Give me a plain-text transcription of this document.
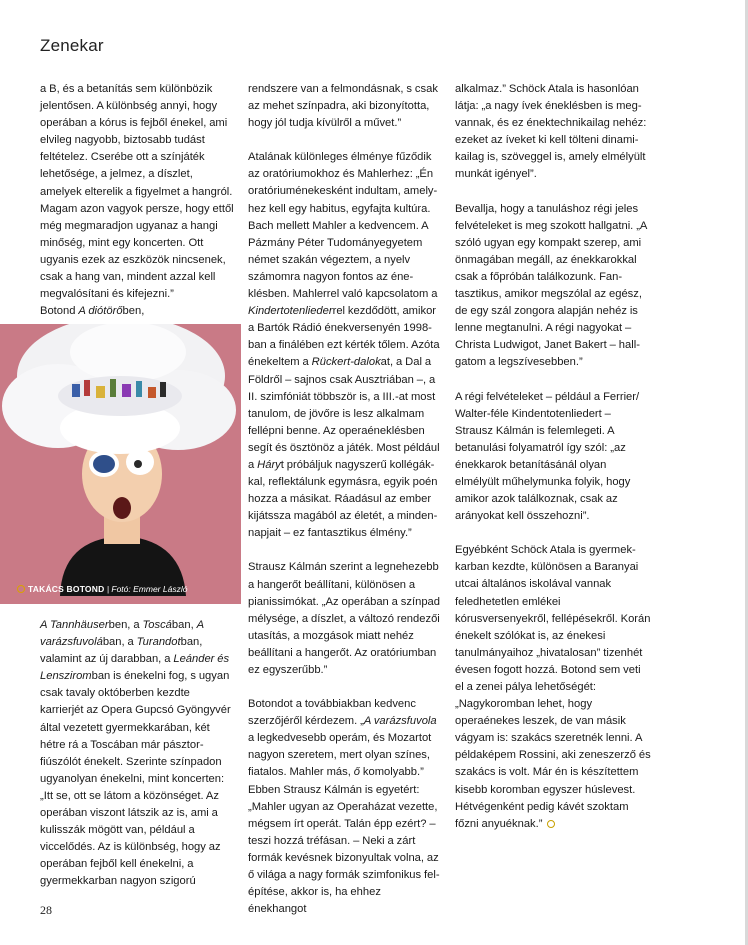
Zenekar

a B, és a betanítás sem különbözik jelentősen. A különbség annyi, hogy operában a kórus is fejből énekel, ami elvileg nagyobb, biztosabb tudást feltételez. Cserébe ott a színjáték lehetősége, a jelmez, a díszlet, amelyek elterelik a figyelmet a hangról. Magam azon vagyok persze, hogy ettől még megmaradjon ugyanaz a hangi minőség, mint egy koncerten. Ott ugyanis ezek az eszközök nincsenek, csak a hang van, mindent azzal kell megvalósítani és kifejezni.”

Botond A diótörőben,

TAKÁCS BOTOND | Fotó: Emmer László

A Tannhäuserben, a Toscában, A varázsfuvolában, a Turandotban, valamint az új darabban, a Leánder és Lensziromban is énekelni fog, s ugyan csak tavaly októberben kezdte karrierjét az Opera Gupcsó Gyöngyvér által vezetett gyermekkarában, két hétre rá a Toscában már pásztorfiúszólót énekelt. Szerinte színpadon ugyanolyan énekelni, mint koncerten: „Itt se, ott se látom a közönséget. Az operában viszont látszik az is, ami a kulisszák mögött van, például a viccelődés. Az is különbség, hogy az operában fejből kell énekelni, a gyermekkarban nagyon szigorú

rendszere van a felmondásnak, s csak az mehet színpadra, aki bizonyította, hogy jól tudja kívülről a művet.”

Atalának különleges élménye fűződik az oratóriumokhoz és Mahlerhez: „Én oratóriuménekesként indultam, amelyhez kell egy habitus, egyfajta kultúra. Bach mellett Mahler a kedvencem. A Pázmány Péter Tudományegyetem német szakán végeztem, a nyelv számomra nagyon fontos az éneklésben. Mahlerrel való kapcsolatom a Kindertotenliederrel kezdődött, amikor a Bartók Rádió énekversenyén 1998-ban a finálében ezt kérték tőlem. Azóta énekeltem a Rückert-dalokat, a Dal a Földről – sajnos csak Ausztriában –, a II. szimfóniát többször is, a III.-at most tanulom, de jövőre is lesz alkalmam fellépni benne. Az operaéneklésben segít és ösztönöz a játék. Most például a Háryt próbáljuk nagyszerű kollégákkal, reflektálunk egymásra, egyik poén hozza a másikat. Ráadásul az ember kijátssza magából az életét, a mindennapjait – ez fantasztikus élmény.”

Strausz Kálmán szerint a legnehezebb a hangerőt beállítani, különösen a pianissimókat. „Az operában a színpad mélysége, a díszlet, a változó rendezői utasítás, a mozgások miatt nehéz beállítani a hangerőt. Az oratóriumban ez egyszerűbb.”

Botondot a továbbiakban kedvenc szerzőjéről kérdezem. „A varázsfuvola a legkedvesebb operám, és Mozartot nagyon szeretem, mert olyan színes, fiatalos. Mahler más, ő komolyabb.” Ebben Strausz Kálmán is egyetért: „Mahler ugyan az Operaházat vezette, mégsem írt operát. Talán épp ezért? – teszi hozzá tréfásan. – Neki a zárt formák kevésnek bizonyultak volna, az ő világa a nagy formák szimfonikus felépítése, akkor is, ha ehhez énekhangot

alkalmaz.” Schöck Atala is hasonlóan látja: „a nagy ívek éneklésben is megvannak, és ez énektechnikailag nehéz: ezeket az íveket ki kell tölteni dinamikailag is, szöveggel is, amely elmélyült munkát igényel”.

Bevallja, hogy a tanuláshoz régi jeles felvételeket is meg szokott hallgatni. „A szóló ugyan egy kompakt szerep, ami önmagában megáll, az énekkarokkal csak a főpróbán találkozunk. Fantasztikus, amikor megszólal az egész, de egy szál zongora alapján nehéz is lenne megtanulni. A régi nagyokat – Christa Ludwigot, Janet Bakert – hallgatom a legszívesebben.”

A régi felvételeket – például a Ferrier/ Walter-féle Kindentotenliedert – Strausz Kálmán is felemlegeti. A betanulási folyamatról így szól: „az énekkarok betanításánál olyan elmélyült műhelymunka folyik, hogy amikor azok találkoznak, csak az arányokat kell összehozni”.

Egyébként Schöck Atala is gyermekkarban kezdte, különösen a Baranyai utcai általános iskolával vannak feledhetetlen emlékei kórusversenyekről, fellépésekről. Korán énekelt szólókat is, az énekesi tanulmányaihoz „hivatalosan” tizenhét évesen fogott hozzá. Botond sem veti el a zenei pálya lehetőségét: „Nagykoromban lehet, hogy operaénekes leszek, de van másik vágyam is: szakács szeretnék lenni. A példaképem Rossini, aki zeneszerző és szakács is volt. Már én is készítettem kisebb koromban egyszer húslevest. Hétvégenként pedig kávét szoktam főzni anyuéknak.”

28
